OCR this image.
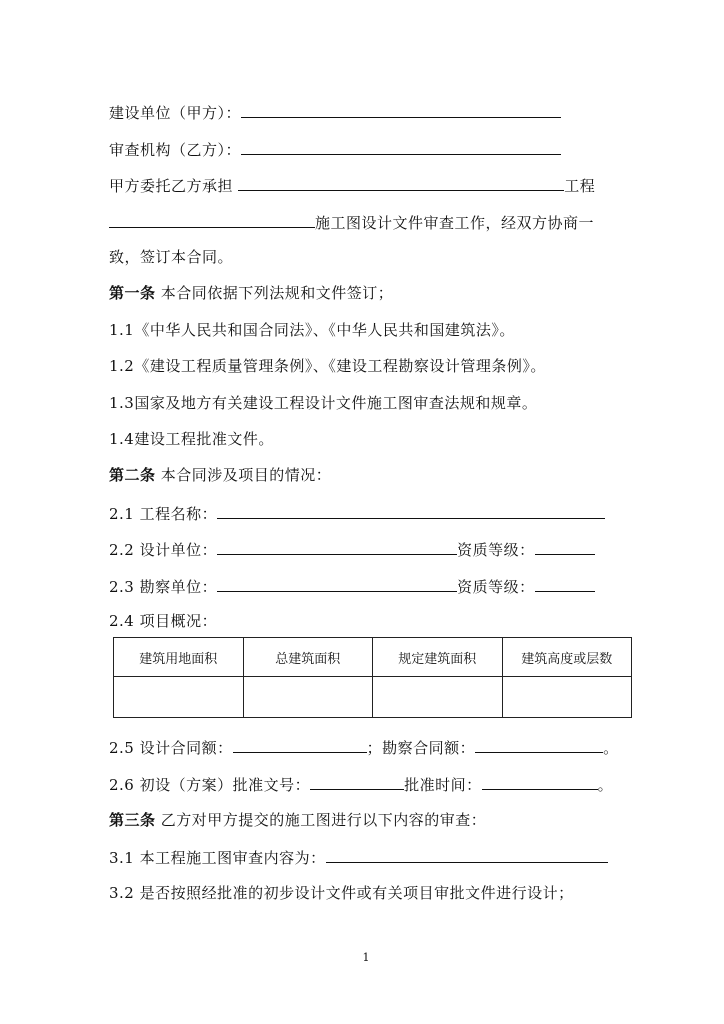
建设单位（甲方）：
审查机构（乙方）：
甲方委托乙方承担	工程
施工图设计文件审查工作，经双方协商一
致，签订本合同。
第一条 本合同依据下列法规和文件签订；
1.1《中华人民共和国合同法》、《中华人民共和国建筑法》。
1.2《建设工程质量管理条例》、《建设工程勘察设计管理条例》。
1.3国家及地方有关建设工程设计文件施工图审查法规和规章。
1.4建设工程批准文件。
第二条 本合同涉及项目的情况：
2.1 工程名称：
2.2 设计单位：	资质等级：
2.3 勘察单位：	资质等级：
2.4 项目概况：
建筑用地面积	总建筑面积	规定建筑面积	建筑高度或层数

2.5 设计合同额：	；勘察合同额：	。
2.6 初设（方案）批准文号：	批准时间：	。
第三条 乙方对甲方提交的施工图进行以下内容的审查：
3.1 本工程施工图审查内容为：
3.2 是否按照经批准的初步设计文件或有关项目审批文件进行设计；
1
